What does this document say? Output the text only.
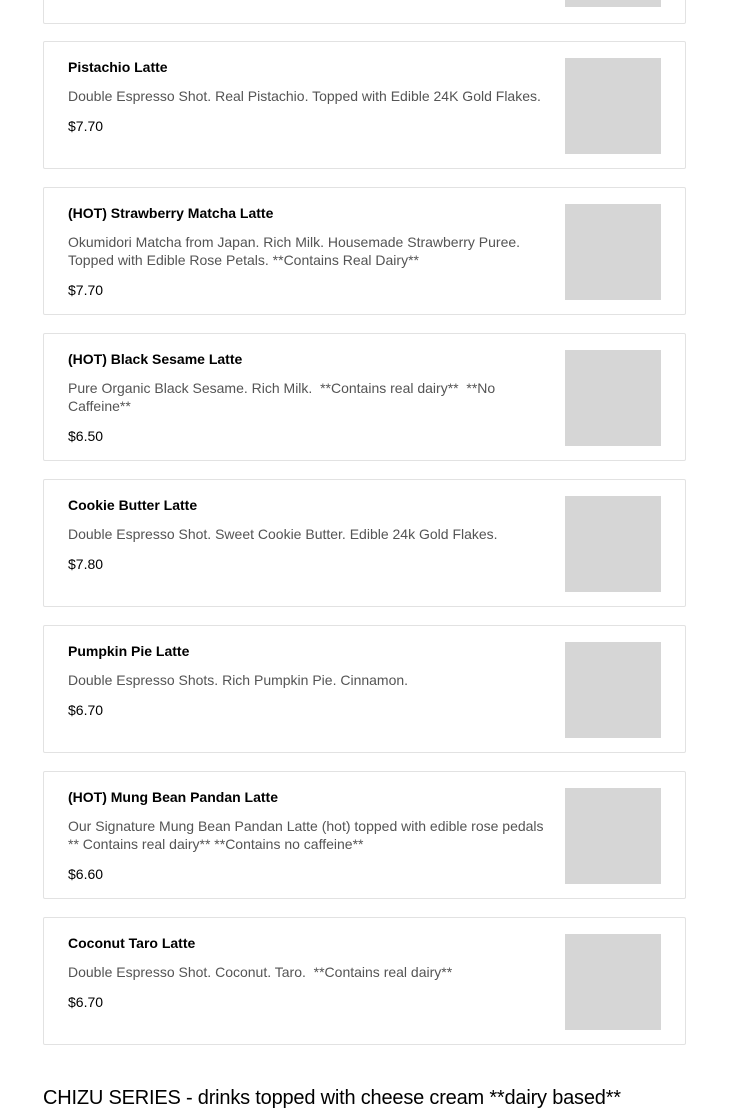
Pistachio Latte
Double Espresso Shot. Real Pistachio. Topped with Edible 24K Gold Flakes.
$7.70
(HOT) Strawberry Matcha Latte
Okumidori Matcha from Japan. Rich Milk. Housemade Strawberry Puree. Topped with Edible Rose Petals. **Contains Real Dairy**
$7.70
(HOT) Black Sesame Latte
Pure Organic Black Sesame. Rich Milk.  **Contains real dairy**  **No Caffeine**
$6.50
Cookie Butter Latte
Double Espresso Shot. Sweet Cookie Butter. Edible 24k Gold Flakes.
$7.80
Pumpkin Pie Latte
Double Espresso Shots. Rich Pumpkin Pie. Cinnamon.
$6.70
(HOT) Mung Bean Pandan Latte
Our Signature Mung Bean Pandan Latte (hot) topped with edible rose pedals ** Contains real dairy** **Contains no caffeine**
$6.60
Coconut Taro Latte
Double Espresso Shot. Coconut. Taro.  **Contains real dairy**
$6.70
CHIZU SERIES - drinks topped with cheese cream **dairy based**
